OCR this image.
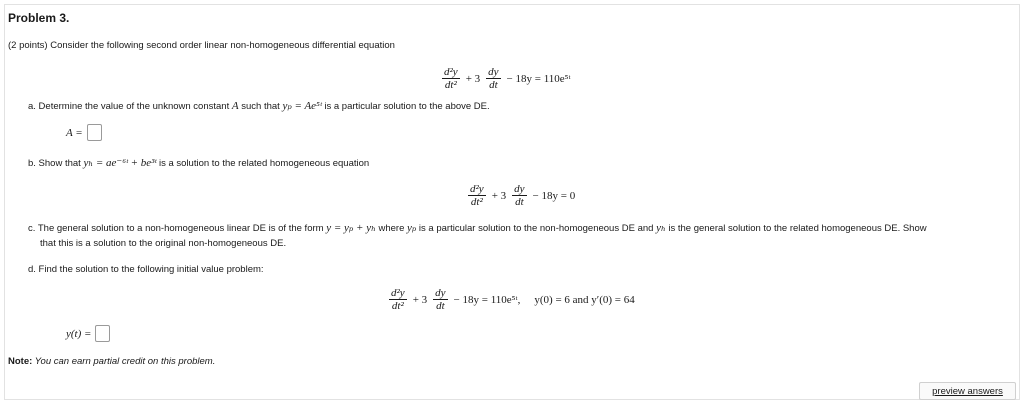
Problem 3.
(2 points) Consider the following second order linear non-homogeneous differential equation
$\frac{\text{d²y}}{\text{dt²}} + 3 \frac{dy}{dt} - 18y$ = 110e⁵ᵗ
a. Determine the value of the unknown constant A such that yₚ = Ae⁵ᵗ is a particular solution to the above DE.
A =
b. Show that yₕ = ae⁻⁶ᵗ + be³ᵗ is a solution to the related homogeneous equation
$\frac{\text{d²y}}{\text{dt²}} + 3 \frac{dy}{dt} - 18y = 0$
c. The general solution to a non-homogeneous linear DE is of the form y = yₚ + yₕ where yₚ is a particular solution to the non-homogeneous DE and yₕ is the general solution to the related homogeneous DE. Show
that this is a solution to the original non-homogeneous DE.
d. Find the solution to the following initial value problem:
$\frac{\text{d²y}}{\text{dt²}} + 3 \frac{dy}{dt} - 18y$ = 110e⁵ᵗ, y(0) = 6 and y′(0) = 64
y(t) =
Note: You can earn partial credit on this problem.
preview answers
